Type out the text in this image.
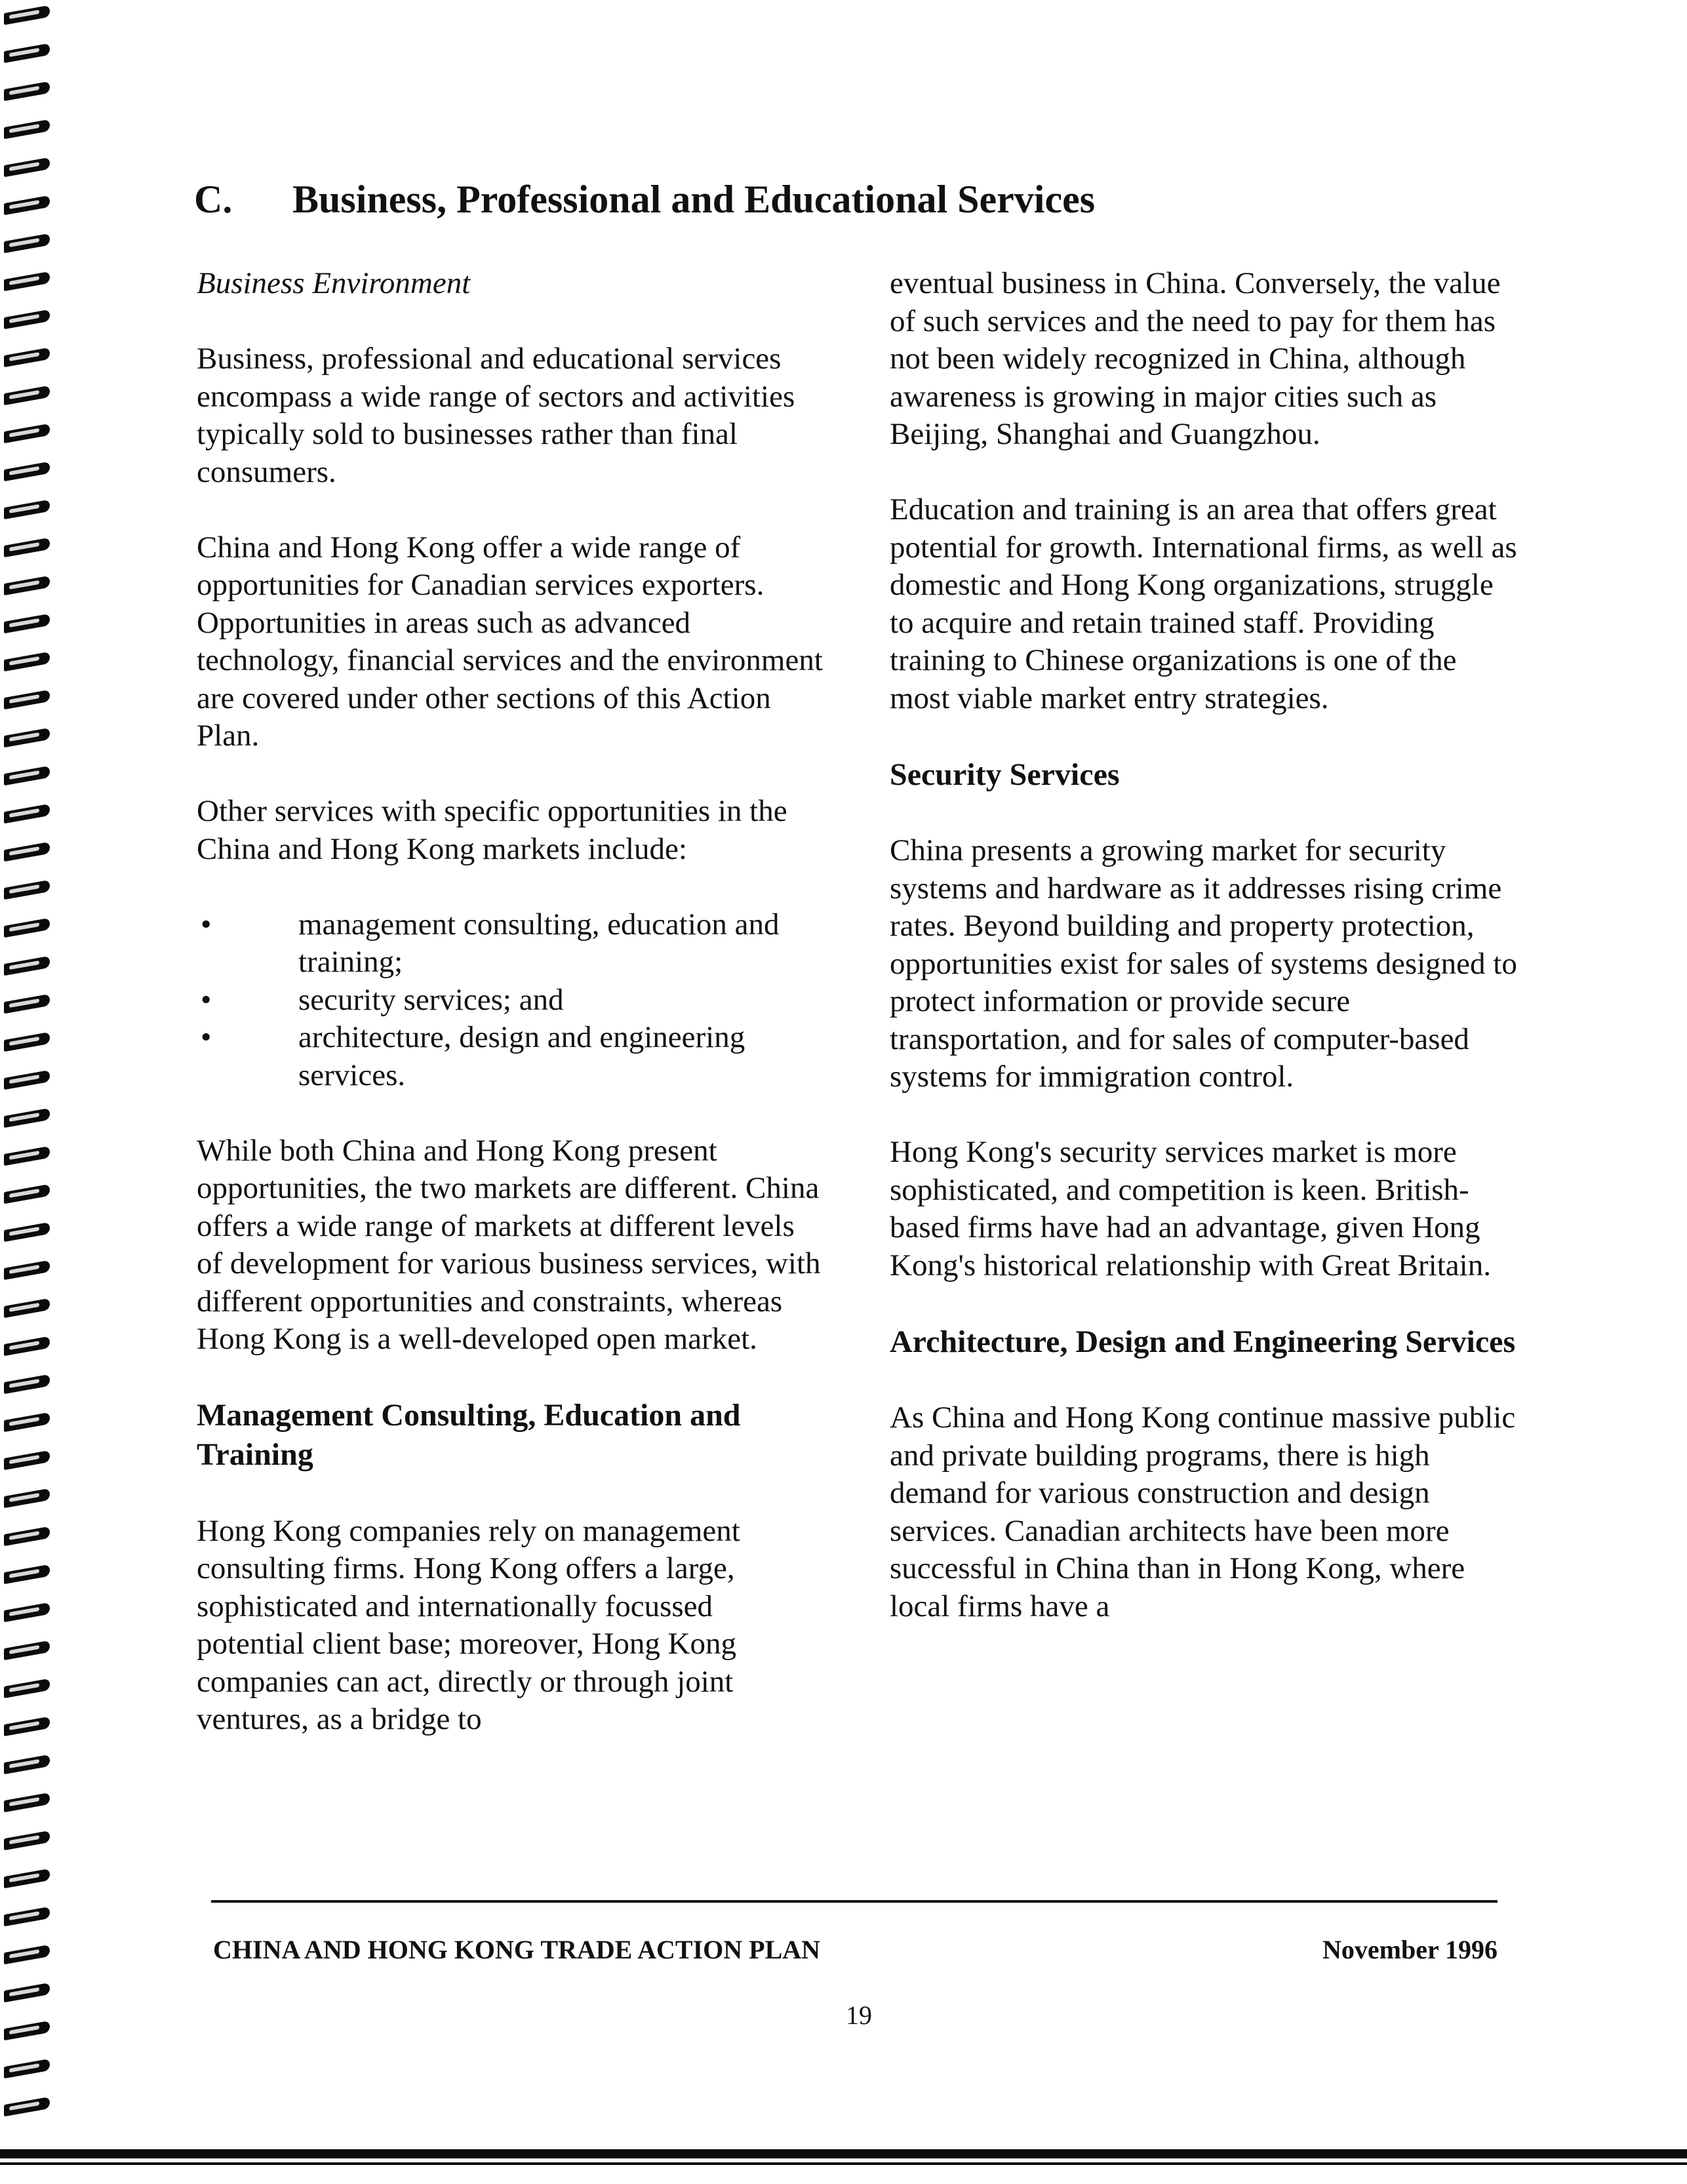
C. Business, Professional and Educational Services

Business Environment

Business, professional and educational services encompass a wide range of sectors and activities typically sold to businesses rather than final consumers.

China and Hong Kong offer a wide range of opportunities for Canadian services exporters. Opportunities in areas such as advanced technology, financial services and the environment are covered under other sections of this Action Plan.

Other services with specific opportunities in the China and Hong Kong markets include:

•	management consulting, education and training;
•	security services; and
•	architecture, design and engineering services.

While both China and Hong Kong present opportunities, the two markets are different. China offers a wide range of markets at different levels of development for various business services, with different opportunities and constraints, whereas Hong Kong is a well-developed open market.

Management Consulting, Education and Training

Hong Kong companies rely on management consulting firms. Hong Kong offers a large, sophisticated and internationally focussed potential client base; moreover, Hong Kong companies can act, directly or through joint ventures, as a bridge to

eventual business in China. Conversely, the value of such services and the need to pay for them has not been widely recognized in China, although awareness is growing in major cities such as Beijing, Shanghai and Guangzhou.

Education and training is an area that offers great potential for growth. International firms, as well as domestic and Hong Kong organizations, struggle to acquire and retain trained staff. Providing training to Chinese organizations is one of the most viable market entry strategies.

Security Services

China presents a growing market for security systems and hardware as it addresses rising crime rates. Beyond building and property protection, opportunities exist for sales of systems designed to protect information or provide secure transportation, and for sales of computer-based systems for immigration control.

Hong Kong's security services market is more sophisticated, and competition is keen. British-based firms have had an advantage, given Hong Kong's historical relationship with Great Britain.

Architecture, Design and Engineering Services

As China and Hong Kong continue massive public and private building programs, there is high demand for various construction and design services. Canadian architects have been more successful in China than in Hong Kong, where local firms have a

CHINA AND HONG KONG TRADE ACTION PLAN	November 1996
19
